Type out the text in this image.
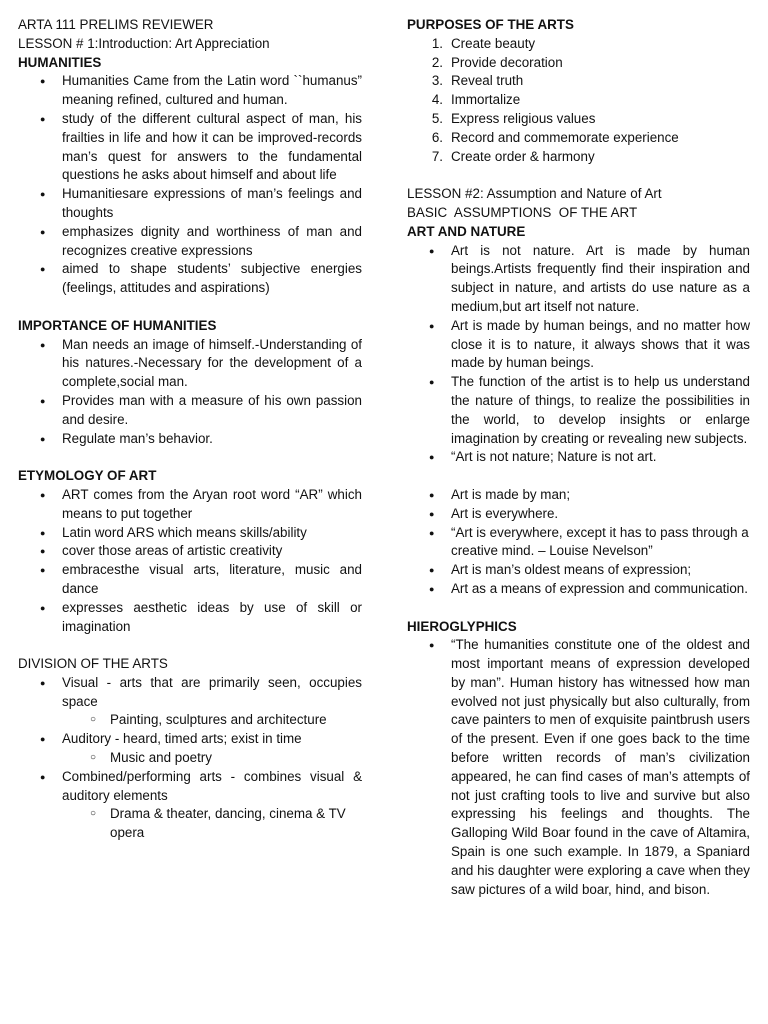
ARTA 111 PRELIMS REVIEWER

LESSON # 1:Introduction: Art Appreciation

HUMANITIES

● Humanities Came from the Latin word ``humanus” meaning refined, cultured and human.
● study of the different cultural aspect of man, his frailties in life and how it can be improved-records man’s quest for answers to the fundamental questions he asks about himself and about life
● Humanitiesare expressions of man’s feelings and thoughts
● emphasizes dignity and worthiness of man and recognizes creative expressions
● aimed to shape students’ subjective energies (feelings, attitudes and aspirations)

IMPORTANCE OF HUMANITIES

● Man needs an image of himself.-Understanding of his natures.-Necessary for the development of a complete,social man.
● Provides man with a measure of his own passion and desire.
● Regulate man’s behavior.

ETYMOLOGY OF ART

● ART comes from the Aryan root word “AR” which means to put together
● Latin word ARS which means skills/ability
● cover those areas of artistic creativity
● embracesthe visual arts, literature, music and dance
● expresses aesthetic ideas by use of skill or imagination

DIVISION OF THE ARTS

● Visual - arts that are primarily seen, occupies space
○ Painting, sculptures and architecture
● Auditory - heard, timed arts; exist in time
○ Music and poetry
● Combined/performing arts - combines visual & auditory elements
○ Drama & theater, dancing, cinema & TV opera

PURPOSES OF THE ARTS

1. Create beauty
2. Provide decoration
3. Reveal truth
4. Immortalize
5. Express religious values
6. Record and commemorate experience
7. Create order & harmony

LESSON #2: Assumption and Nature of Art

BASIC  ASSUMPTIONS  OF THE ART

ART AND NATURE

● Art is not nature. Art is made by human beings.Artists frequently find their inspiration and subject in nature, and artists do use nature as a medium,but art itself not nature.
● Art is made by human beings, and no matter how close it is to nature, it always shows that it was made by human beings.
● The function of the artist is to help us understand the nature of things, to realize the possibilities in the world, to develop insights or enlarge imagination by creating or revealing new subjects.
● “Art is not nature; Nature is not art.
● Art is made by man;
● Art is everywhere.
● “Art is everywhere, except it has to pass through a creative mind. – Louise Nevelson”
● Art is man’s oldest means of expression;
● Art as a means of expression and communication.

HIEROGLYPHICS

● “The humanities constitute one of the oldest and most important means of expression developed by man”. Human history has witnessed how man evolved not just physically but also culturally, from cave painters to men of exquisite paintbrush users of the present. Even if one goes back to the time before written records of man’s civilization appeared, he can find cases of man’s attempts of not just crafting tools to live and survive but also expressing his feelings and thoughts. The Galloping Wild Boar found in the cave of Altamira, Spain is one such example. In 1879, a Spaniard and his daughter were exploring a cave when they saw pictures of a wild boar, hind, and bison.
